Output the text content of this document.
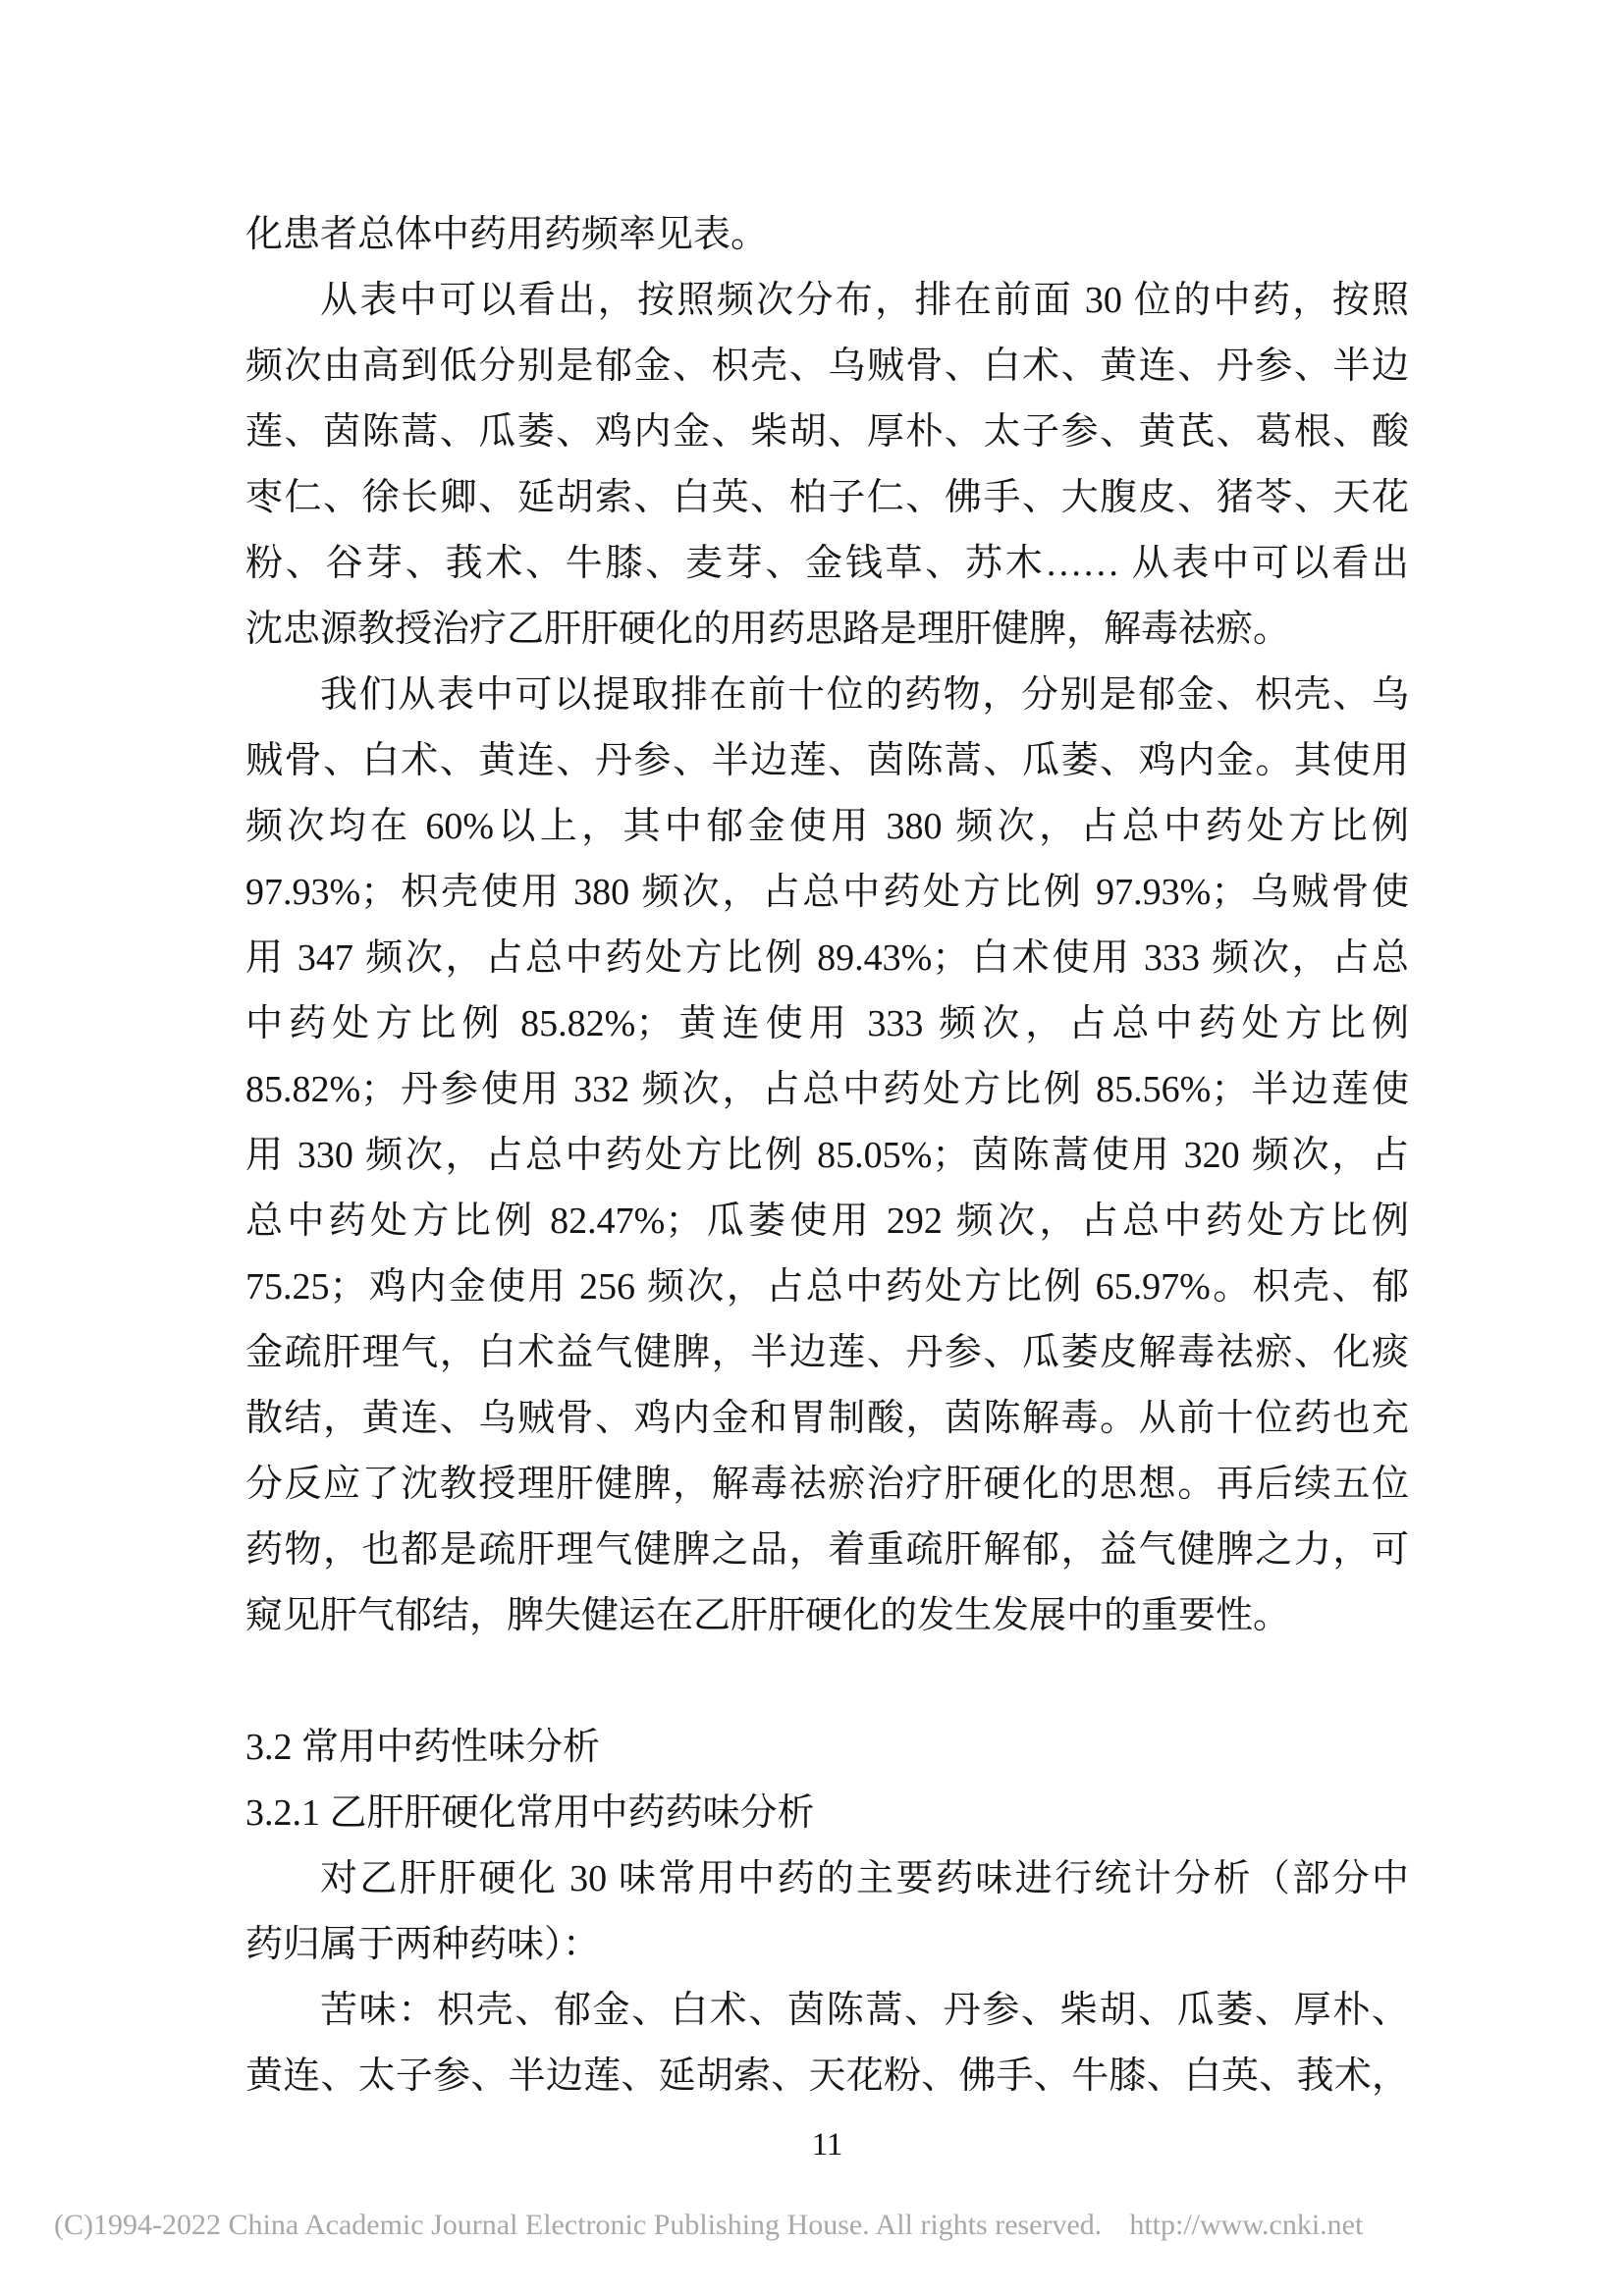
化患者总体中药用药频率见表。
从表中可以看出，按照频次分布，排在前面 30 位的中药，按照
频次由高到低分别是郁金、枳壳、乌贼骨、白术、黄连、丹参、半边
莲、茵陈蒿、瓜萎、鸡内金、柴胡、厚朴、太子参、黄芪、葛根、酸
枣仁、徐长卿、延胡索、白英、柏子仁、佛手、大腹皮、猪苓、天花
粉、谷芽、莪术、牛膝、麦芽、金钱草、苏木…… 从表中可以看出
沈忠源教授治疗乙肝肝硬化的用药思路是理肝健脾，解毒祛瘀。
我们从表中可以提取排在前十位的药物，分别是郁金、枳壳、乌
贼骨、白术、黄连、丹参、半边莲、茵陈蒿、瓜萎、鸡内金。其使用
频次均在 60%以上，其中郁金使用 380 频次，占总中药处方比例
97.93%；枳壳使用 380 频次，占总中药处方比例 97.93%；乌贼骨使
用 347 频次，占总中药处方比例 89.43%；白术使用 333 频次，占总
中药处方比例 85.82%；黄连使用 333 频次，占总中药处方比例
85.82%；丹参使用 332 频次，占总中药处方比例 85.56%；半边莲使
用 330 频次，占总中药处方比例 85.05%；茵陈蒿使用 320 频次，占
总中药处方比例 82.47%；瓜萎使用 292 频次，占总中药处方比例
75.25；鸡内金使用 256 频次，占总中药处方比例 65.97%。枳壳、郁
金疏肝理气，白术益气健脾，半边莲、丹参、瓜萎皮解毒祛瘀、化痰
散结，黄连、乌贼骨、鸡内金和胃制酸，茵陈解毒。从前十位药也充
分反应了沈教授理肝健脾，解毒祛瘀治疗肝硬化的思想。再后续五位
药物，也都是疏肝理气健脾之品，着重疏肝解郁，益气健脾之力，可
窥见肝气郁结，脾失健运在乙肝肝硬化的发生发展中的重要性。
3.2 常用中药性味分析
3.2.1 乙肝肝硬化常用中药药味分析
对乙肝肝硬化 30 味常用中药的主要药味进行统计分析（部分中
药归属于两种药味）：
苦味：枳壳、郁金、白术、茵陈蒿、丹参、柴胡、瓜萎、厚朴、
黄连、太子参、半边莲、延胡索、天花粉、佛手、牛膝、白英、莪术，
11
(C)1994-2022 China Academic Journal Electronic Publishing House. All rights reserved. http://www.cnki.net
